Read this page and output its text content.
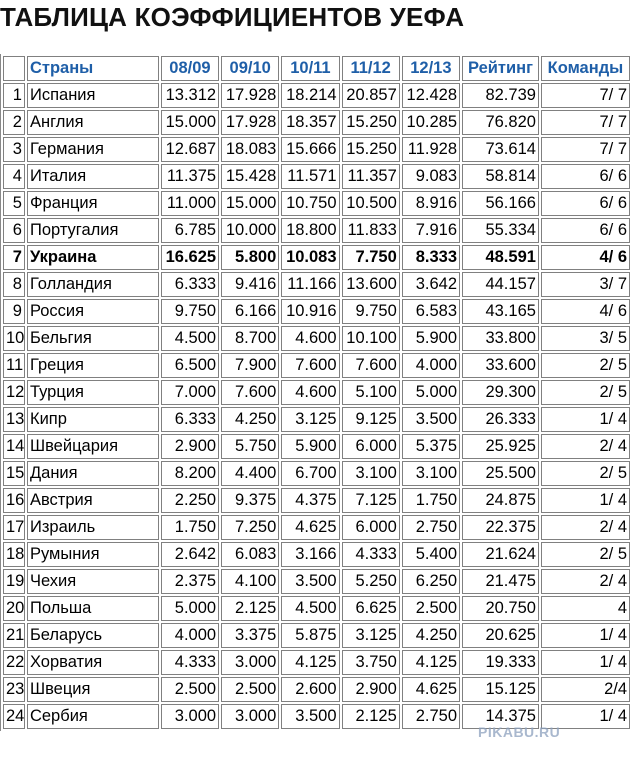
ТАБЛИЦА КОЭФФИЦИЕНТОВ УЕФА
	Страны	08/09	09/10	10/11	11/12	12/13	Рейтинг	Команды
1	Испания	13.312	17.928	18.214	20.857	12.428	82.739	7/ 7
2	Англия	15.000	17.928	18.357	15.250	10.285	76.820	7/ 7
3	Германия	12.687	18.083	15.666	15.250	11.928	73.614	7/ 7
4	Италия	11.375	15.428	11.571	11.357	9.083	58.814	6/ 6
5	Франция	11.000	15.000	10.750	10.500	8.916	56.166	6/ 6
6	Португалия	6.785	10.000	18.800	11.833	7.916	55.334	6/ 6
7	Украина	16.625	5.800	10.083	7.750	8.333	48.591	4/ 6
8	Голландия	6.333	9.416	11.166	13.600	3.642	44.157	3/ 7
9	Россия	9.750	6.166	10.916	9.750	6.583	43.165	4/ 6
10	Бельгия	4.500	8.700	4.600	10.100	5.900	33.800	3/ 5
11	Греция	6.500	7.900	7.600	7.600	4.000	33.600	2/ 5
12	Турция	7.000	7.600	4.600	5.100	5.000	29.300	2/ 5
13	Кипр	6.333	4.250	3.125	9.125	3.500	26.333	1/ 4
14	Швейцария	2.900	5.750	5.900	6.000	5.375	25.925	2/ 4
15	Дания	8.200	4.400	6.700	3.100	3.100	25.500	2/ 5
16	Австрия	2.250	9.375	4.375	7.125	1.750	24.875	1/ 4
17	Израиль	1.750	7.250	4.625	6.000	2.750	22.375	2/ 4
18	Румыния	2.642	6.083	3.166	4.333	5.400	21.624	2/ 5
19	Чехия	2.375	4.100	3.500	5.250	6.250	21.475	2/ 4
20	Польша	5.000	2.125	4.500	6.625	2.500	20.750	4
21	Беларусь	4.000	3.375	5.875	3.125	4.250	20.625	1/ 4
22	Хорватия	4.333	3.000	4.125	3.750	4.125	19.333	1/ 4
23	Швеция	2.500	2.500	2.600	2.900	4.625	15.125	2/4
24	Сербия	3.000	3.000	3.500	2.125	2.750	14.375	1/ 4
PIKABU.RU
